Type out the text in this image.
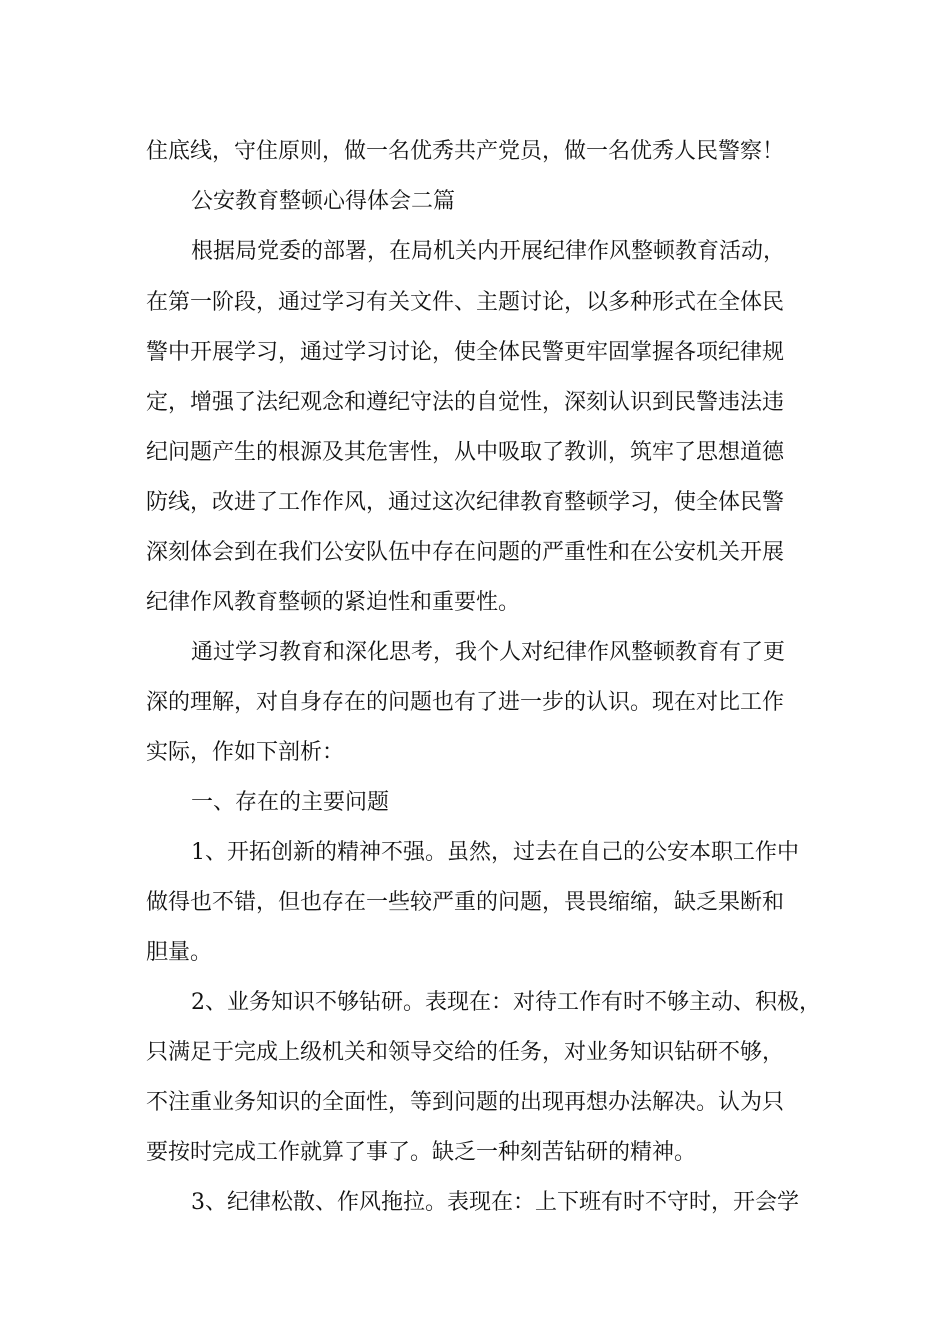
住底线，守住原则，做一名优秀共产党员，做一名优秀人民警察！

公安教育整顿心得体会二篇

根据局党委的部署，在局机关内开展纪律作风整顿教育活动，

在第一阶段，通过学习有关文件、主题讨论，以多种形式在全体民

警中开展学习，通过学习讨论，使全体民警更牢固掌握各项纪律规

定，增强了法纪观念和遵纪守法的自觉性，深刻认识到民警违法违

纪问题产生的根源及其危害性，从中吸取了教训，筑牢了思想道德

防线，改进了工作作风，通过这次纪律教育整顿学习，使全体民警

深刻体会到在我们公安队伍中存在问题的严重性和在公安机关开展

纪律作风教育整顿的紧迫性和重要性。

通过学习教育和深化思考，我个人对纪律作风整顿教育有了更

深的理解，对自身存在的问题也有了进一步的认识。现在对比工作

实际，作如下剖析：

一、存在的主要问题

1、开拓创新的精神不强。虽然，过去在自己的公安本职工作中

做得也不错，但也存在一些较严重的问题，畏畏缩缩，缺乏果断和

胆量。

2、业务知识不够钻研。表现在：对待工作有时不够主动、积极，

只满足于完成上级机关和领导交给的任务，对业务知识钻研不够，

不注重业务知识的全面性，等到问题的出现再想办法解决。认为只

要按时完成工作就算了事了。缺乏一种刻苦钻研的精神。

3、纪律松散、作风拖拉。表现在：上下班有时不守时，开会学
